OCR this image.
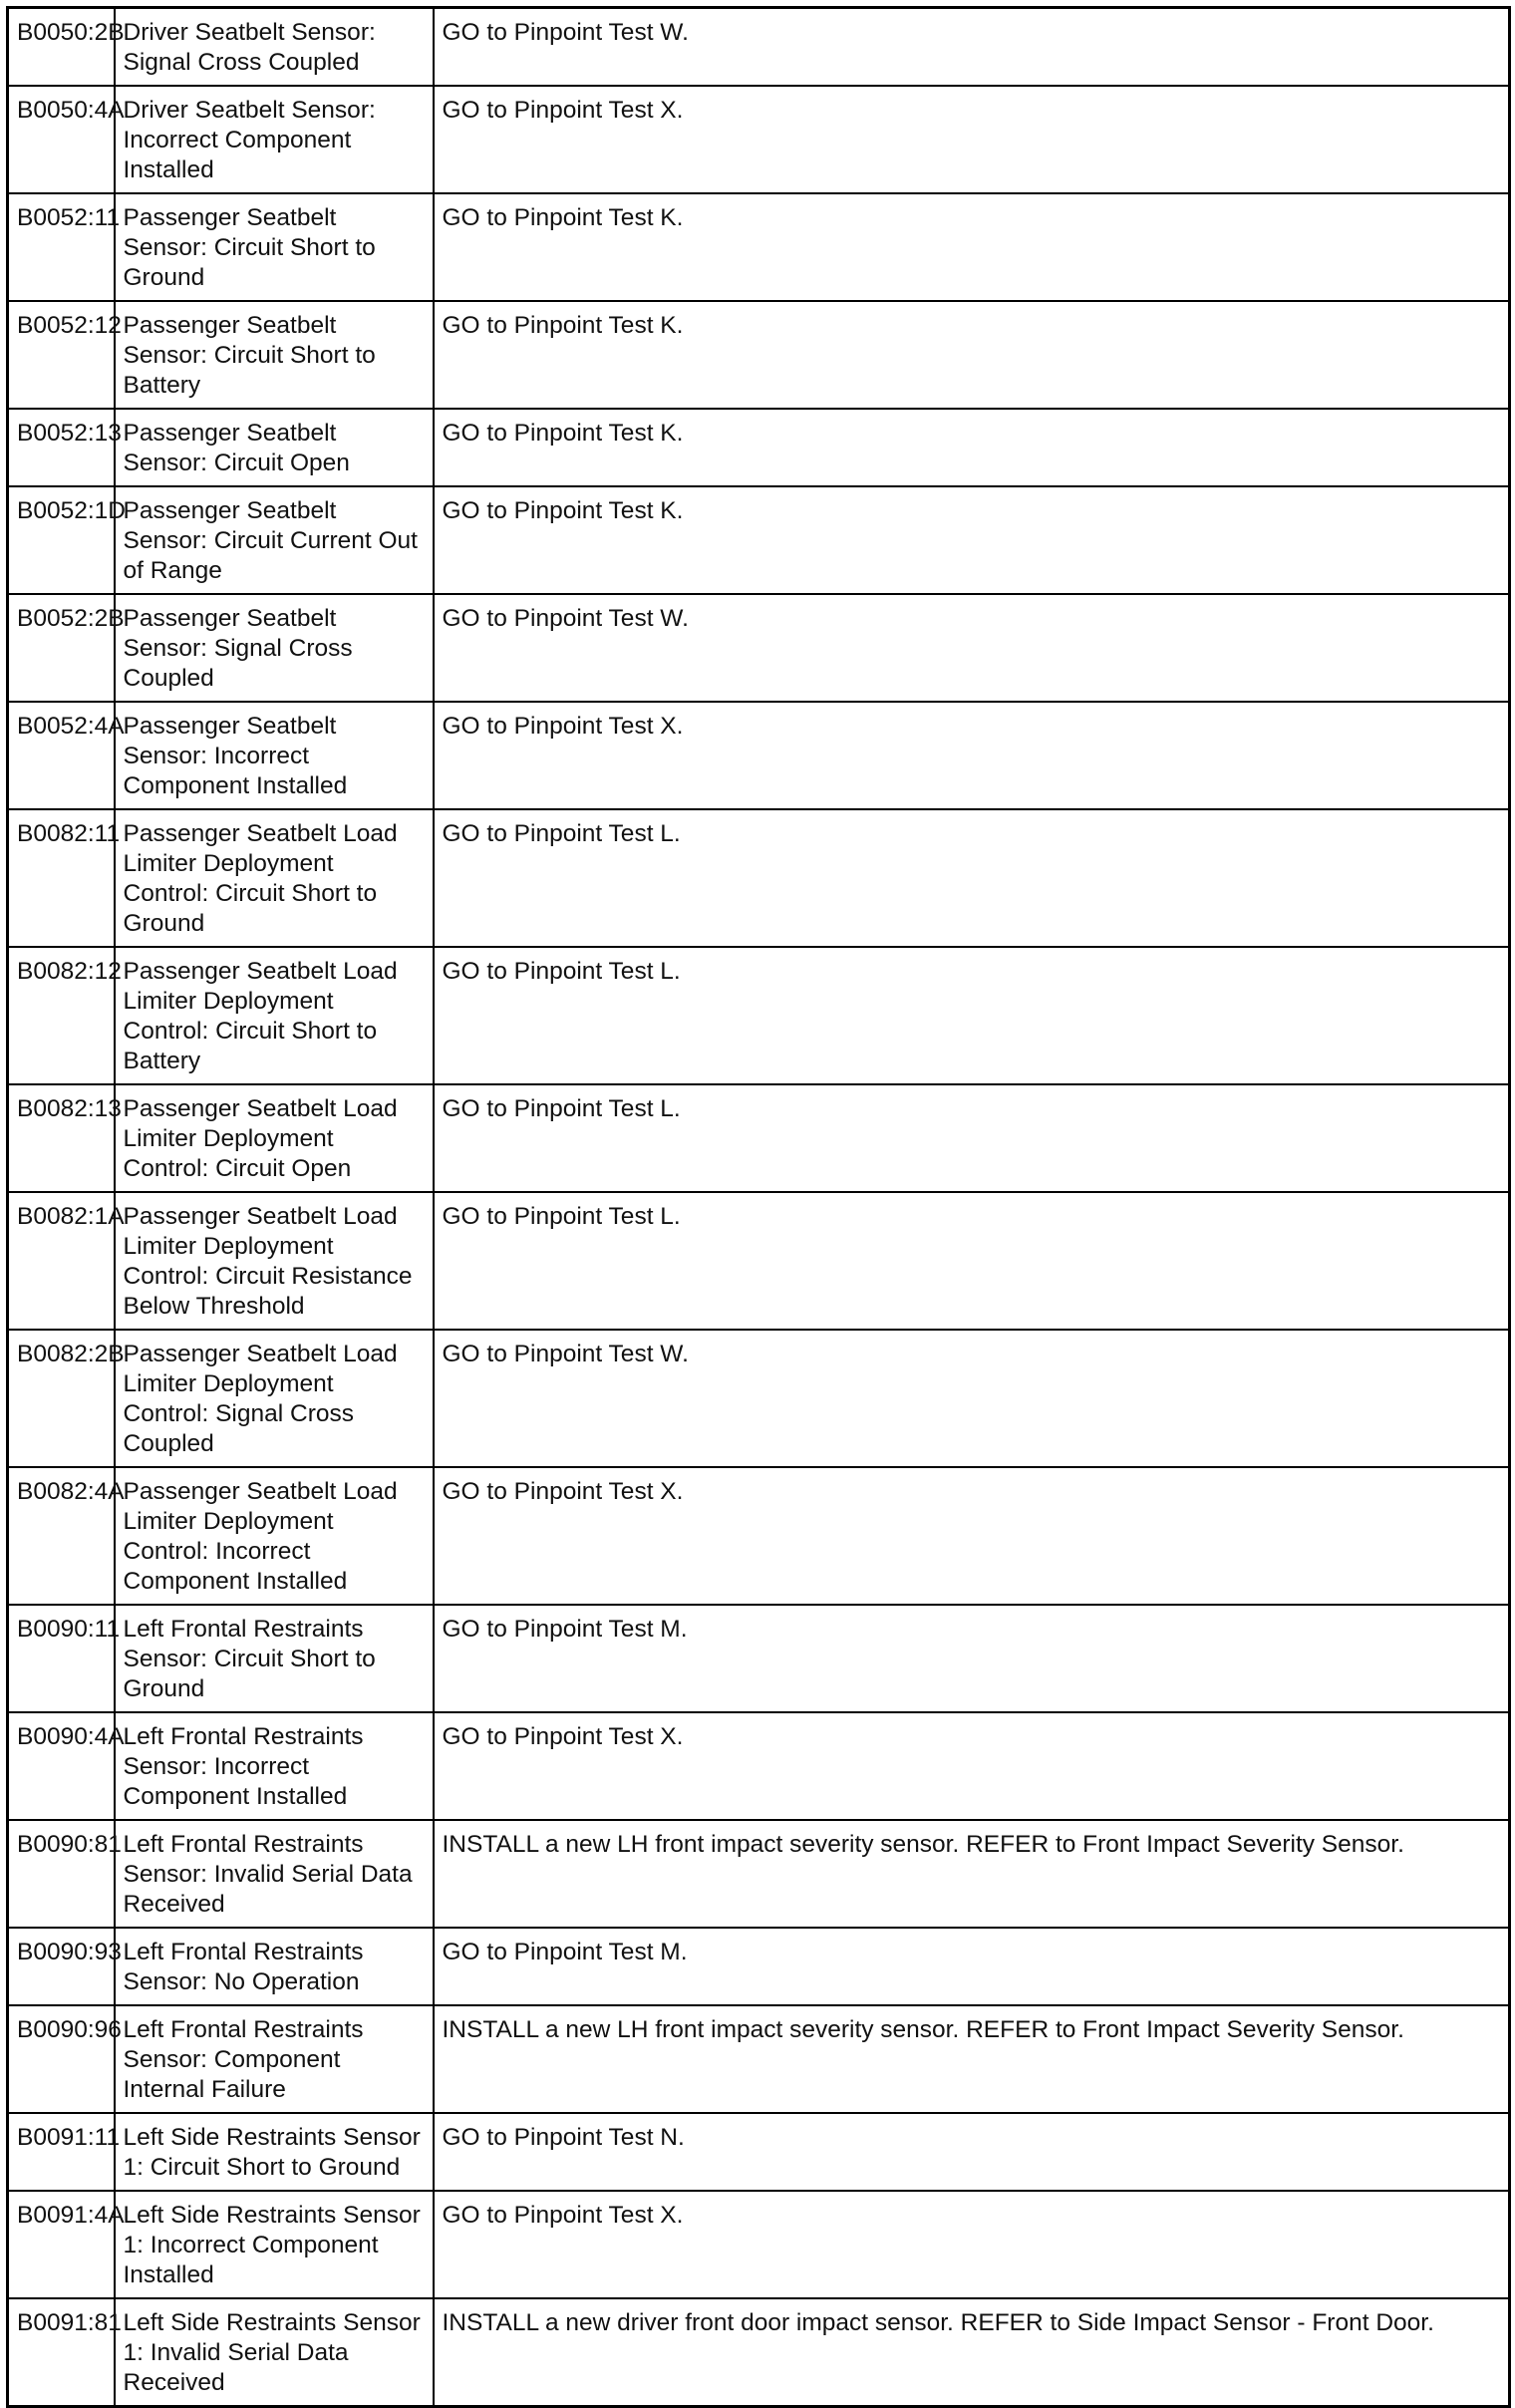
B0050:2B	Driver Seatbelt Sensor: Signal Cross Coupled	GO to Pinpoint Test W.
B0050:4A	Driver Seatbelt Sensor: Incorrect Component Installed	GO to Pinpoint Test X.
B0052:11	Passenger Seatbelt Sensor: Circuit Short to Ground	GO to Pinpoint Test K.
B0052:12	Passenger Seatbelt Sensor: Circuit Short to Battery	GO to Pinpoint Test K.
B0052:13	Passenger Seatbelt Sensor: Circuit Open	GO to Pinpoint Test K.
B0052:1D	Passenger Seatbelt Sensor: Circuit Current Out of Range	GO to Pinpoint Test K.
B0052:2B	Passenger Seatbelt Sensor: Signal Cross Coupled	GO to Pinpoint Test W.
B0052:4A	Passenger Seatbelt Sensor: Incorrect Component Installed	GO to Pinpoint Test X.
B0082:11	Passenger Seatbelt Load Limiter Deployment Control: Circuit Short to Ground	GO to Pinpoint Test L.
B0082:12	Passenger Seatbelt Load Limiter Deployment Control: Circuit Short to Battery	GO to Pinpoint Test L.
B0082:13	Passenger Seatbelt Load Limiter Deployment Control: Circuit Open	GO to Pinpoint Test L.
B0082:1A	Passenger Seatbelt Load Limiter Deployment Control: Circuit Resistance Below Threshold	GO to Pinpoint Test L.
B0082:2B	Passenger Seatbelt Load Limiter Deployment Control: Signal Cross Coupled	GO to Pinpoint Test W.
B0082:4A	Passenger Seatbelt Load Limiter Deployment Control: Incorrect Component Installed	GO to Pinpoint Test X.
B0090:11	Left Frontal Restraints Sensor: Circuit Short to Ground	GO to Pinpoint Test M.
B0090:4A	Left Frontal Restraints Sensor: Incorrect Component Installed	GO to Pinpoint Test X.
B0090:81	Left Frontal Restraints Sensor: Invalid Serial Data Received	INSTALL a new LH front impact severity sensor. REFER to Front Impact Severity Sensor.
B0090:93	Left Frontal Restraints Sensor: No Operation	GO to Pinpoint Test M.
B0090:96	Left Frontal Restraints Sensor: Component Internal Failure	INSTALL a new LH front impact severity sensor. REFER to Front Impact Severity Sensor.
B0091:11	Left Side Restraints Sensor 1: Circuit Short to Ground	GO to Pinpoint Test N.
B0091:4A	Left Side Restraints Sensor 1: Incorrect Component Installed	GO to Pinpoint Test X.
B0091:81	Left Side Restraints Sensor 1: Invalid Serial Data Received	INSTALL a new driver front door impact sensor. REFER to Side Impact Sensor - Front Door.
